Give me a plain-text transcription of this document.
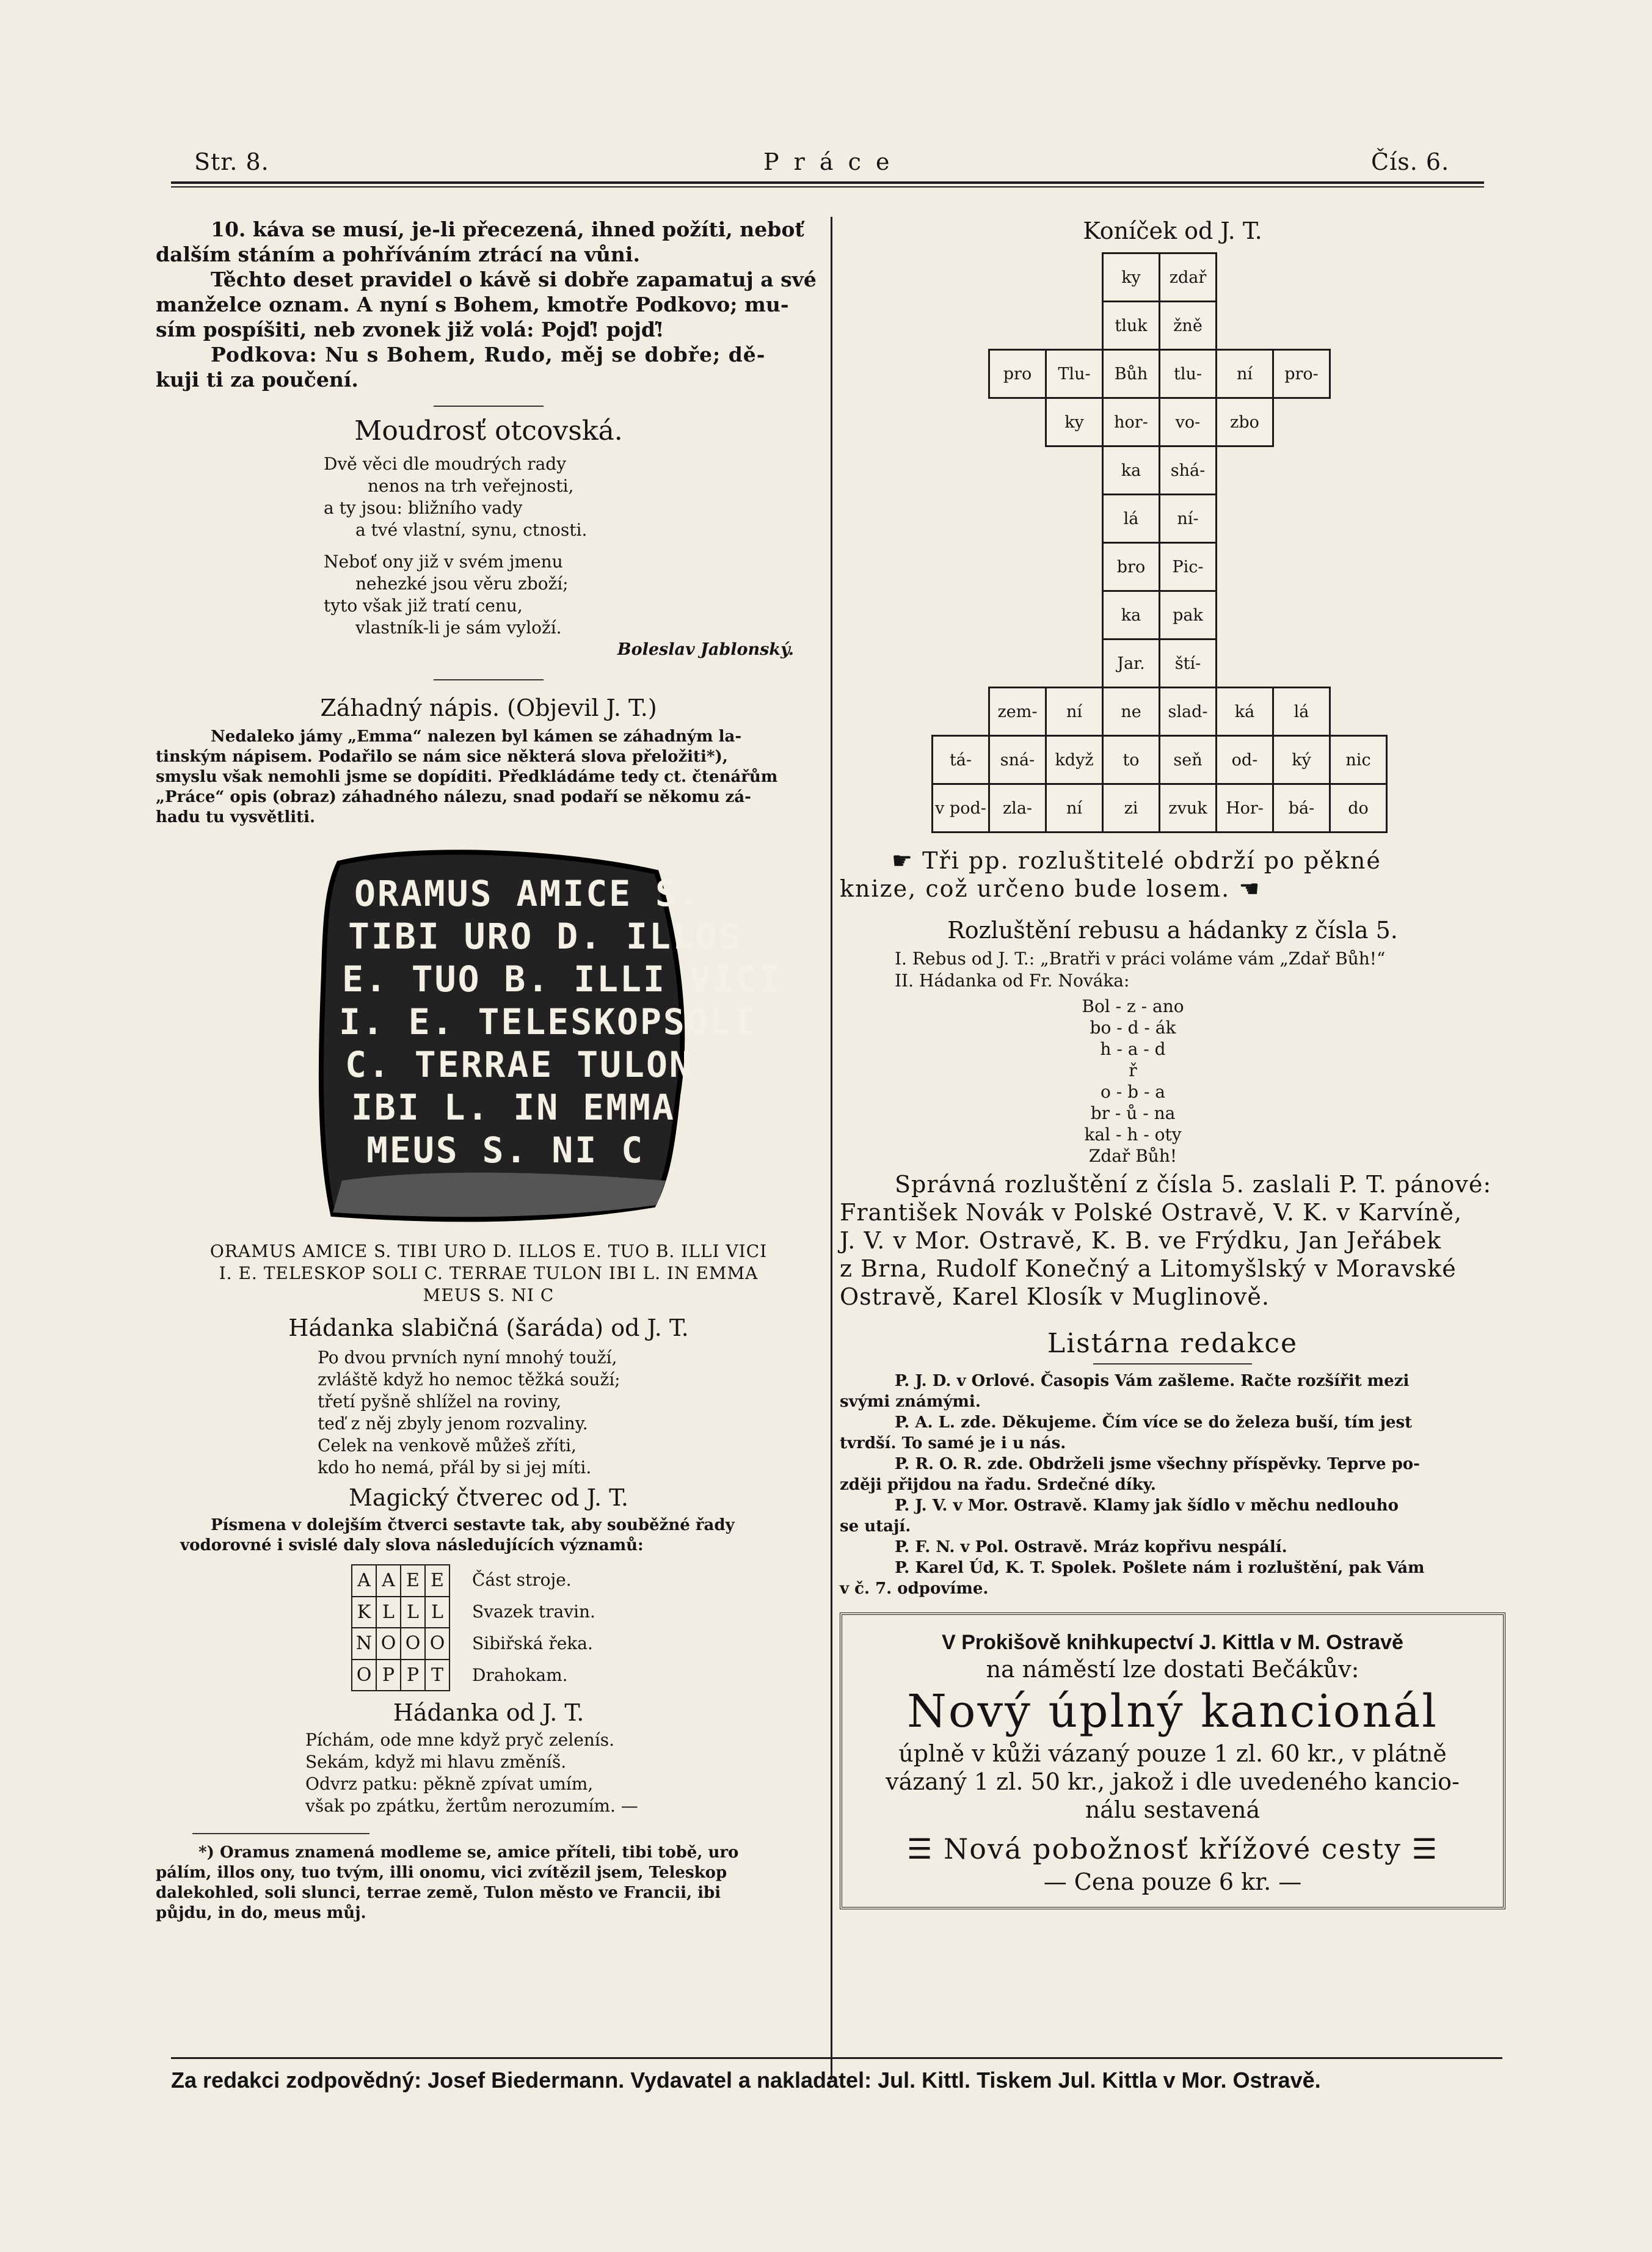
Str. 8.	P r á c e	Čís. 6.
10. káva se musí, je-li přecezená, ihned požíti, neboť
dalším stáním a pohříváním ztrácí na vůni.
Těchto deset pravidel o kávě si dobře zapamatuj a své
manželce oznam. A nyní s Bohem, kmotře Podkovo; mu-
sím pospíšiti, neb zvonek již volá: Pojď! pojď!
Podkova: Nu s Bohem, Rudo, měj se dobře; dě-
kuji ti za poučení.
Moudrosť otcovská.
Dvě věci dle moudrých rady
nenos na trh veřejnosti,
a ty jsou: bližního vady
a tvé vlastní, synu, ctnosti.
Neboť ony již v svém jmenu
nehezké jsou věru zboží;
tyto však již tratí cenu,
vlastník-li je sám vyloží.
Boleslav Jablonský.
Záhadný nápis. (Objevil J. T.)
Nedaleko jámy „Emma“ nalezen byl kámen se záhadným la-
tinským nápisem. Podařilo se nám sice některá slova přeložiti*),
smyslu však nemohli jsme se dopíditi. Předkládáme tedy ct. čtenářům
„Práce“ opis (obraz) záhadného nálezu, snad podaří se někomu zá-
hadu tu vysvětliti.
ORAMUS AMICE S.
TIBI URO D. ILLOS
E. TUO B. ILLI VICI
I. E. TELESKOPSOLI
C. TERRAE TULON
IBI L. IN EMMA
MEUS S. NI C
ORAMUS AMICE S. TIBI URO D. ILLOS E. TUO B. ILLI VICI
I. E. TELESKOP SOLI C. TERRAE TULON IBI L. IN EMMA
MEUS S. NI C
Hádanka slabičná (šaráda) od J. T.
Po dvou prvních nyní mnohý touží,
zvláště když ho nemoc těžká souží;
třetí pyšně shlížel na roviny,
teď z něj zbyly jenom rozvaliny.
Celek na venkově můžeš zříti,
kdo ho nemá, přál by si jej míti.
Magický čtverec od J. T.
Písmena v dolejším čtverci sestavte tak, aby souběžné řady
vodorovné i svislé daly slova následujících významů:
A	A	E	E
K	L	L	L
N	O	O	O
O	P	P	T
Část stroje.
Svazek travin.
Sibiřská řeka.
Drahokam.
Hádanka od J. T.
Píchám, ode mne když pryč zelenís.
Sekám, když mi hlavu změníš.
Odvrz patku: pěkně zpívat umím,
však po zpátku, žertům nerozumím. —
*) Oramus znamená modleme se, amice příteli, tibi tobě, uro
pálím, illos ony, tuo tvým, illi onomu, vici zvítězil jsem, Teleskop
dalekohled, soli slunci, terrae země, Tulon město ve Francii, ibi
půjdu, in do, meus můj.
Koníček od J. T.
			ky	zdař			
			tluk	žně			
	pro	Tlu-	Bůh	tlu-	ní	pro-	
		ky	hor-	vo-	zbo		
			ka	shá-			
			lá	ní-			
			bro	Pic-			
			ka	pak			
			Jar.	ští-			
	zem-	ní	ne	slad-	ká	lá	
tá-	sná-	když	to	seň	od-	ký	nic
v pod-	zla-	ní	zi	zvuk	Hor-	bá-	do
☛ Tři pp. rozluštitelé obdrží po pěkné
knize, což určeno bude losem. ☚
Rozluštění rebusu a hádanky z čísla 5.
I. Rebus od J. T.: „Bratři v práci voláme vám „Zdař Bůh!“
II. Hádanka od Fr. Nováka:
Bol - z - ano
bo - d - ák
h - a - d
ř
o - b - a
br - ů - na
kal - h - oty
Zdař Bůh!
Správná rozluštění z čísla 5. zaslali P. T. pánové:
František Novák v Polské Ostravě, V. K. v Karvíně,
J. V. v Mor. Ostravě, K. B. ve Frýdku, Jan Jeřábek
z Brna, Rudolf Konečný a Litomyšlský v Moravské
Ostravě, Karel Klosík v Muglinově.
Listárna redakce
P. J. D. v Orlové. Časopis Vám zašleme. Račte rozšířit mezi
svými známými.
P. A. L. zde. Děkujeme. Čím více se do železa buší, tím jest
tvrdší. To samé je i u nás.
P. R. O. R. zde. Obdrželi jsme všechny příspěvky. Teprve po-
zději přijdou na řadu. Srdečné díky.
P. J. V. v Mor. Ostravě. Klamy jak šídlo v měchu nedlouho
se utají.
P. F. N. v Pol. Ostravě. Mráz kopřivu nespálí.
P. Karel Úd, K. T. Spolek. Pošlete nám i rozluštění, pak Vám
v č. 7. odpovíme.
V Prokišově knihkupectví J. Kittla v M. Ostravě
na náměstí lze dostati Bečákův:
Nový úplný kancionál
úplně v kůži vázaný pouze 1 zl. 60 kr., v plátně
vázaný 1 zl. 50 kr., jakož i dle uvedeného kancio-
nálu sestavená
☰ Nová pobožnosť křížové cesty ☰
— Cena pouze 6 kr. —
Za redakci zodpovědný: Josef Biedermann. Vydavatel a nakladatel: Jul. Kittl. Tiskem Jul. Kittla v Mor. Ostravě.
